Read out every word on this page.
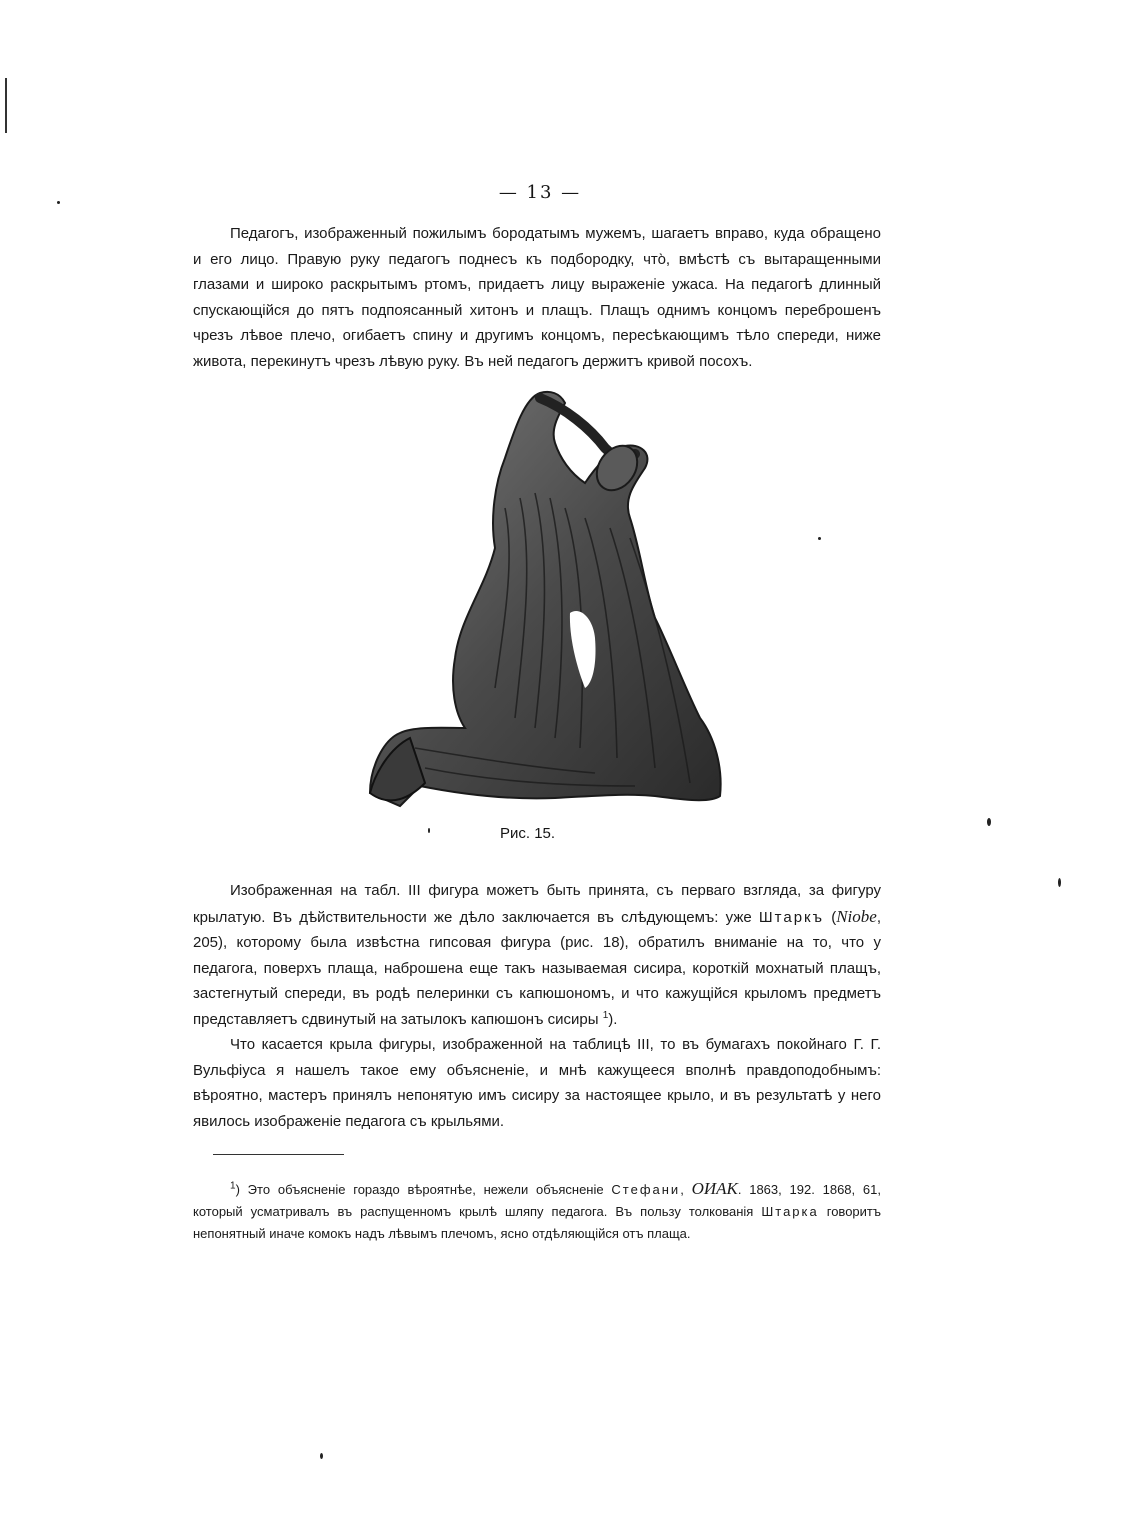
— 13 —

Педагогъ, изображенный пожилымъ бородатымъ мужемъ, шагаетъ вправо, куда обращено и его лицо. Правую руку педагогъ поднесъ къ подбородку, что̀, вмѣстѣ съ вытаращенными глазами и широко раскрытымъ ртомъ, придаетъ лицу выраженіе ужаса. На педагогѣ длинный спускающійся до пятъ подпоясанный хитонъ и плащъ. Плащъ однимъ концомъ переброшенъ чрезъ лѣвое плечо, огибаетъ спину и другимъ концомъ, пересѣкающимъ тѣло спереди, ниже живота, перекинутъ чрезъ лѣвую руку. Въ ней педагогъ держитъ кривой посохъ.

Рис. 15.

Изображенная на табл. III фигура можетъ быть принята, съ перваго взгляда, за фигуру крылатую. Въ дѣйствительности же дѣло заключается въ слѣдующемъ: уже Штаркъ (Niobe, 205), которому была извѣстна гипсовая фигура (рис. 18), обратилъ вниманіе на то, что у педагога, поверхъ плаща, наброшена еще такъ называемая сисира, короткій мохнатый плащъ, застегнутый спереди, въ родѣ пелеринки съ капюшономъ, и что кажущійся крыломъ предметъ представляетъ сдвинутый на затылокъ капюшонъ сисиры $^1$).

Что касается крыла фигуры, изображенной на таблицѣ III, то въ бумагахъ покойнаго Г. Г. Вульфіуса я нашелъ такое ему объясненіе, и мнѣ кажущееся вполнѣ правдоподобнымъ: вѣроятно, мастеръ принялъ непонятую имъ сисиру за настоящее крыло, и въ результатѣ у него явилось изображеніе педагога съ крыльями.

$^1$) Это объясненіе гораздо вѣроятнѣе, нежели объясненіе Стефани, ОИАК. 1863, 192. 1868, 61, который усматривалъ въ распущенномъ крылѣ шляпу педагога. Въ пользу толкованія Штарка говоритъ непонятный иначе комокъ надъ лѣвымъ плечомъ, ясно отдѣляющійся отъ плаща.
